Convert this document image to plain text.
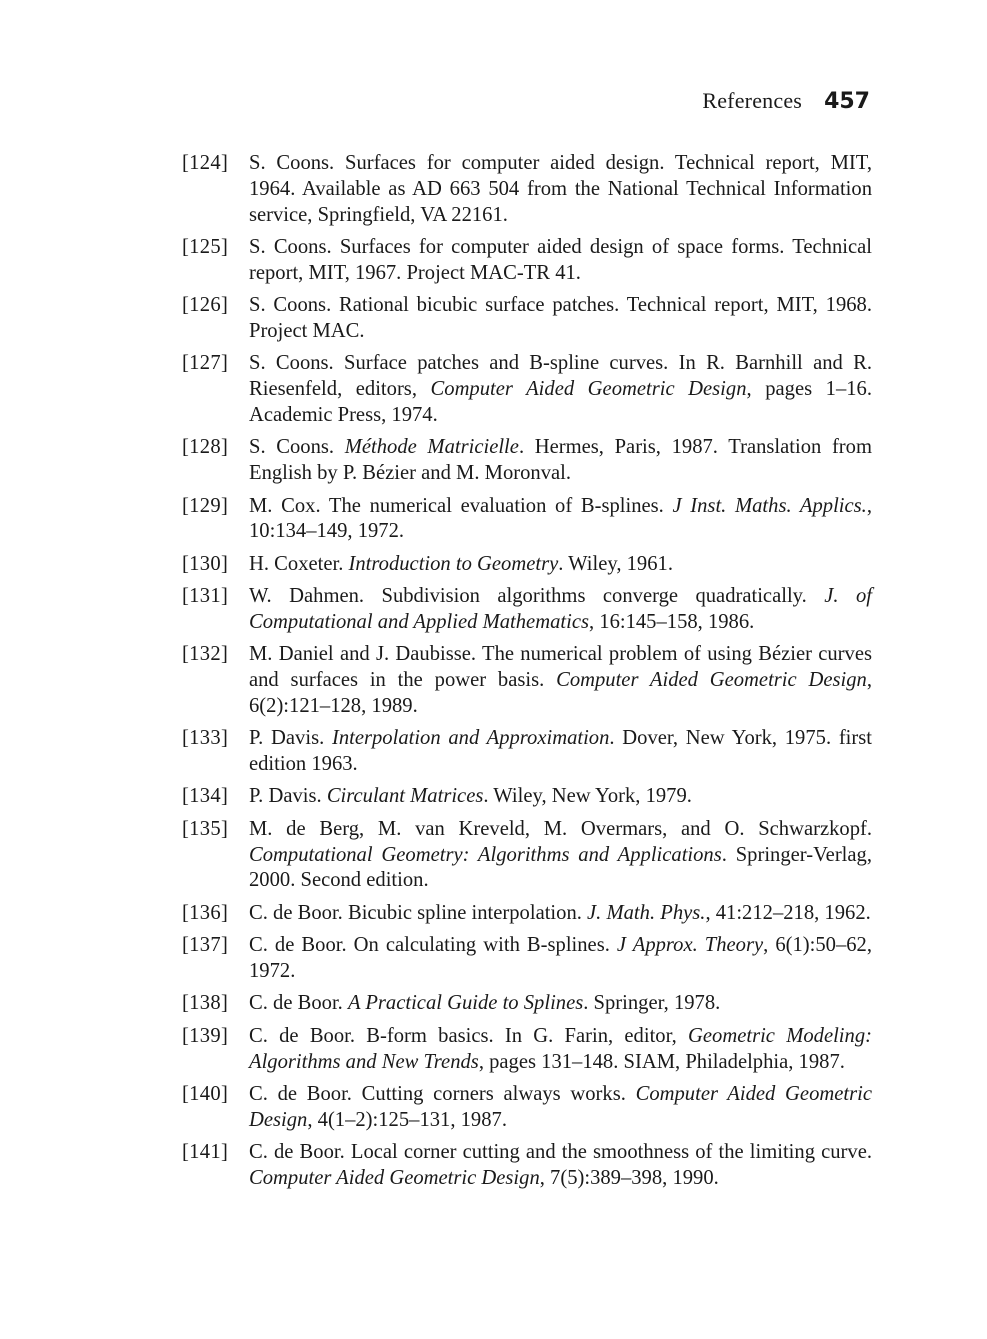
References 457
[124]	S. Coons. Surfaces for computer aided design. Technical report, MIT, 1964. Available as AD 663 504 from the National Technical Information service, Springfield, VA 22161.
[125]	S. Coons. Surfaces for computer aided design of space forms. Technical report, MIT, 1967. Project MAC-TR 41.
[126]	S. Coons. Rational bicubic surface patches. Technical report, MIT, 1968. Project MAC.
[127]	S. Coons. Surface patches and B-spline curves. In R. Barnhill and R. Riesenfeld, editors, Computer Aided Geometric Design, pages 1–16. Academic Press, 1974.
[128]	S. Coons. Méthode Matricielle. Hermes, Paris, 1987. Translation from English by P. Bézier and M. Moronval.
[129]	M. Cox. The numerical evaluation of B-splines. J Inst. Maths. Applics., 10:134–149, 1972.
[130]	H. Coxeter. Introduction to Geometry. Wiley, 1961.
[131]	W. Dahmen. Subdivision algorithms converge quadratically. J. of Computational and Applied Mathematics, 16:145–158, 1986.
[132]	M. Daniel and J. Daubisse. The numerical problem of using Bézier curves and surfaces in the power basis. Computer Aided Geometric Design, 6(2):121–128, 1989.
[133]	P. Davis. Interpolation and Approximation. Dover, New York, 1975. first edition 1963.
[134]	P. Davis. Circulant Matrices. Wiley, New York, 1979.
[135]	M. de Berg, M. van Kreveld, M. Overmars, and O. Schwarzkopf. Computational Geometry: Algorithms and Applications. Springer-Verlag, 2000. Second edition.
[136]	C. de Boor. Bicubic spline interpolation. J. Math. Phys., 41:212–218, 1962.
[137]	C. de Boor. On calculating with B-splines. J Approx. Theory, 6(1):50–62, 1972.
[138]	C. de Boor. A Practical Guide to Splines. Springer, 1978.
[139]	C. de Boor. B-form basics. In G. Farin, editor, Geometric Modeling: Algorithms and New Trends, pages 131–148. SIAM, Philadelphia, 1987.
[140]	C. de Boor. Cutting corners always works. Computer Aided Geometric Design, 4(1–2):125–131, 1987.
[141]	C. de Boor. Local corner cutting and the smoothness of the limiting curve. Computer Aided Geometric Design, 7(5):389–398, 1990.
